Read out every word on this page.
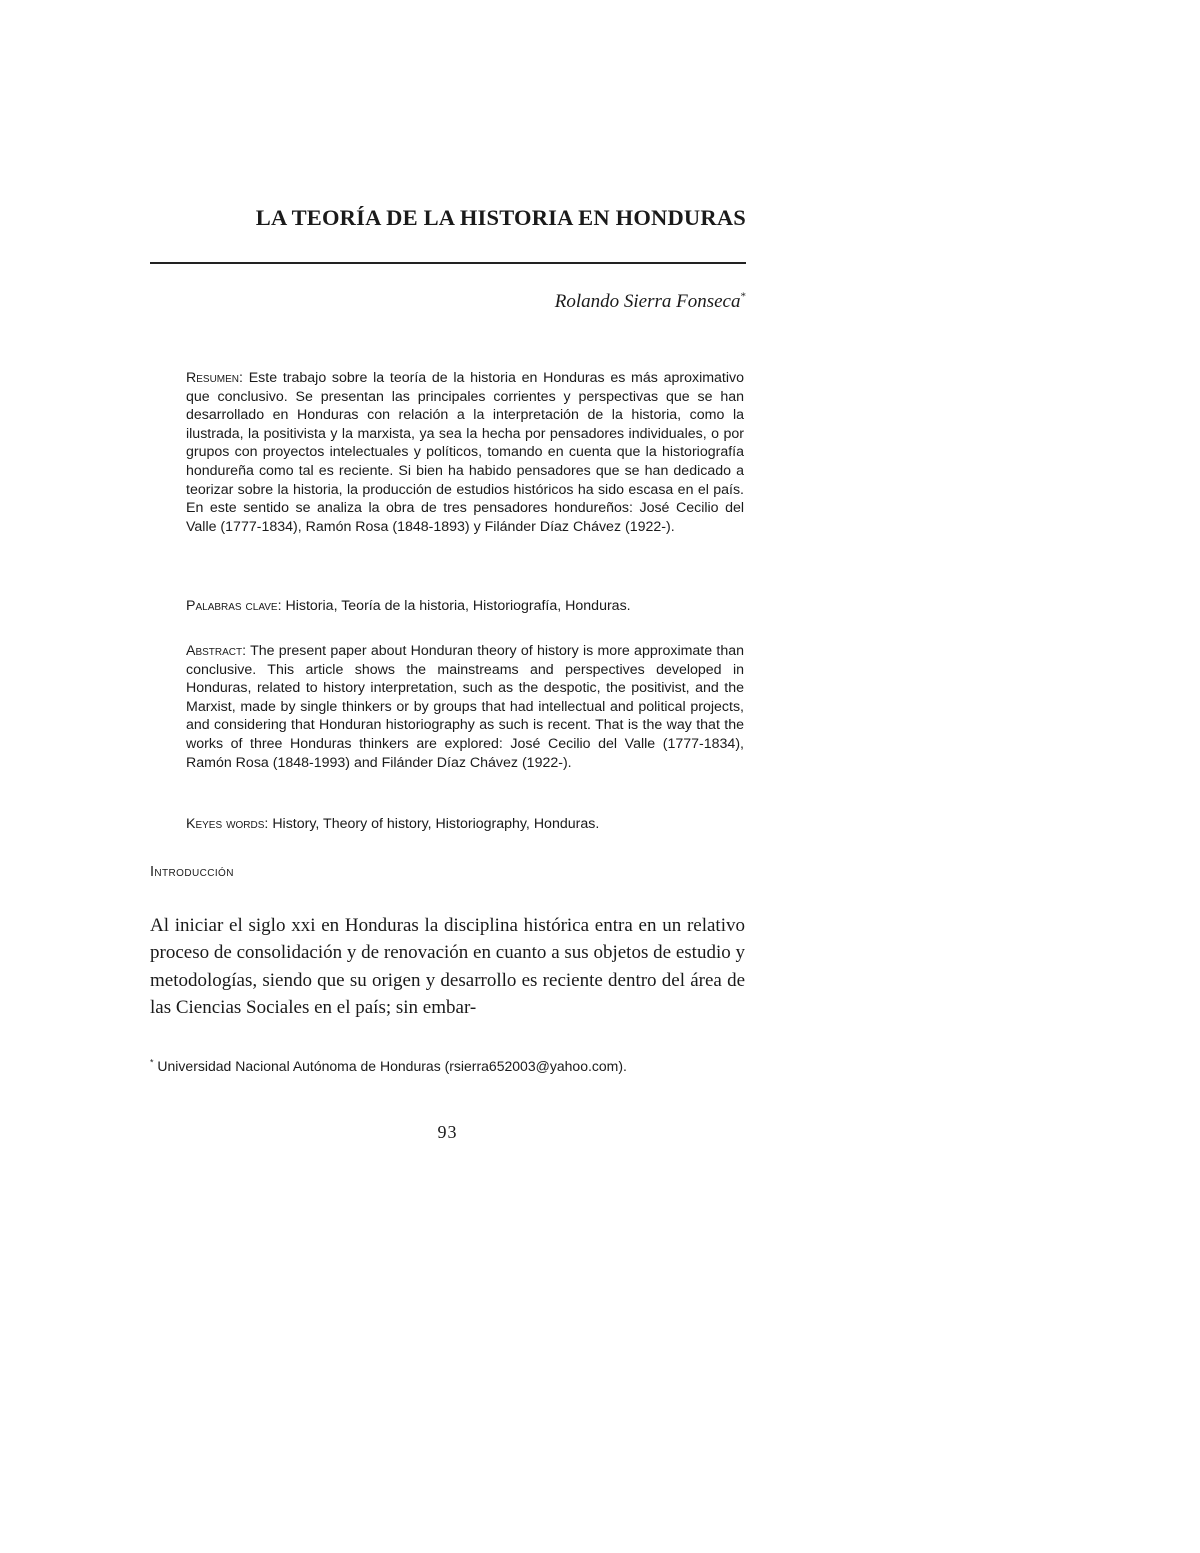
LA TEORÍA DE LA HISTORIA EN HONDURAS
Rolando Sierra Fonseca*
Resumen: Este trabajo sobre la teoría de la historia en Honduras es más aproximativo que conclusivo. Se presentan las principales corrientes y perspectivas que se han desarrollado en Honduras con relación a la interpretación de la historia, como la ilustrada, la positivista y la marxista, ya sea la hecha por pensadores individuales, o por grupos con proyectos intelectuales y políticos, tomando en cuenta que la historiografía hondureña como tal es reciente. Si bien ha habido pensadores que se han dedicado a teorizar sobre la historia, la producción de estudios históricos ha sido escasa en el país. En este sentido se analiza la obra de tres pensadores hondureños: José Cecilio del Valle (1777-1834), Ramón Rosa (1848-1893) y Filánder Díaz Chávez (1922-).
Palabras clave: Historia, Teoría de la historia, Historiografía, Honduras.
Abstract: The present paper about Honduran theory of history is more approximate than conclusive. This article shows the mainstreams and perspectives developed in Honduras, related to history interpretation, such as the despotic, the positivist, and the Marxist, made by single thinkers or by groups that had intellectual and political projects, and considering that Honduran historiography as such is recent. That is the way that the works of three Honduras thinkers are explored: José Cecilio del Valle (1777-1834), Ramón Rosa (1848-1993) and Filánder Díaz Chávez (1922-).
Keyes words: History, Theory of history, Historiography, Honduras.
Introducción
Al iniciar el siglo xxi en Honduras la disciplina histórica entra en un relativo proceso de consolidación y de renovación en cuanto a sus objetos de estudio y metodologías, siendo que su origen y desarrollo es reciente dentro del área de las Ciencias Sociales en el país; sin embar-
* Universidad Nacional Autónoma de Honduras (rsierra652003@yahoo.com).
93
